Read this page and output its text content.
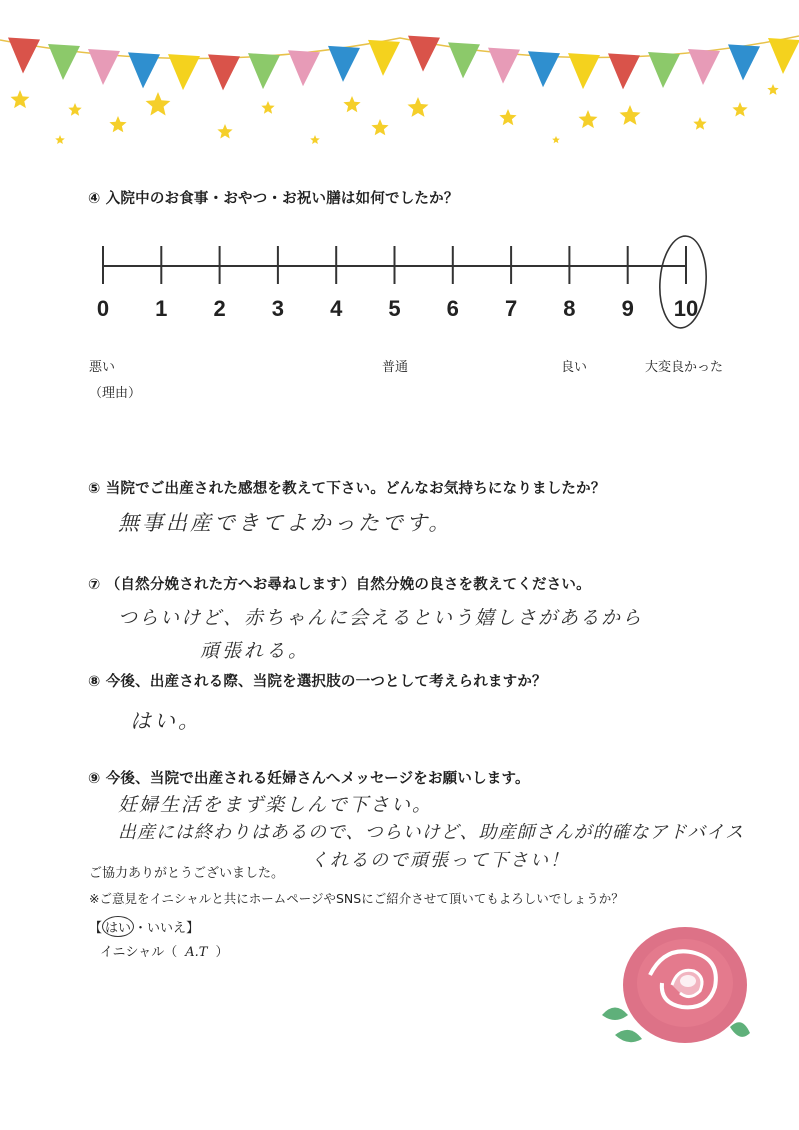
④ 入院中のお食事・おやつ・お祝い膳は如何でしたか？
0 1 2 3 4 5 6 7 8 9 10
悪い	普通	良い	大変良かった
（理由）
⑤ 当院でご出産された感想を教えて下さい。どんなお気持ちになりましたか？
無事出産できてよかったです。
⑦ （自然分娩された方へお尋ねします）自然分娩の良さを教えてください。
つらいけど、赤ちゃんに会えるという嬉しさがあるから
頑張れる。
⑧ 今後、出産される際、当院を選択肢の一つとして考えられますか？
はい。
⑨ 今後、当院で出産される妊婦さんへメッセージをお願いします。
妊婦生活をまず楽しんで下さい。
出産には終わりはあるので、つらいけど、助産師さんが的確なアドバイス
くれるので頑張って下さい！
ご協力ありがとうございました。
※ご意見をイニシャルと共にホームページやSNSにご紹介させて頂いてもよろしいでしょうか？
【 はい ・いいえ】
イニシャル（ A.T ）
